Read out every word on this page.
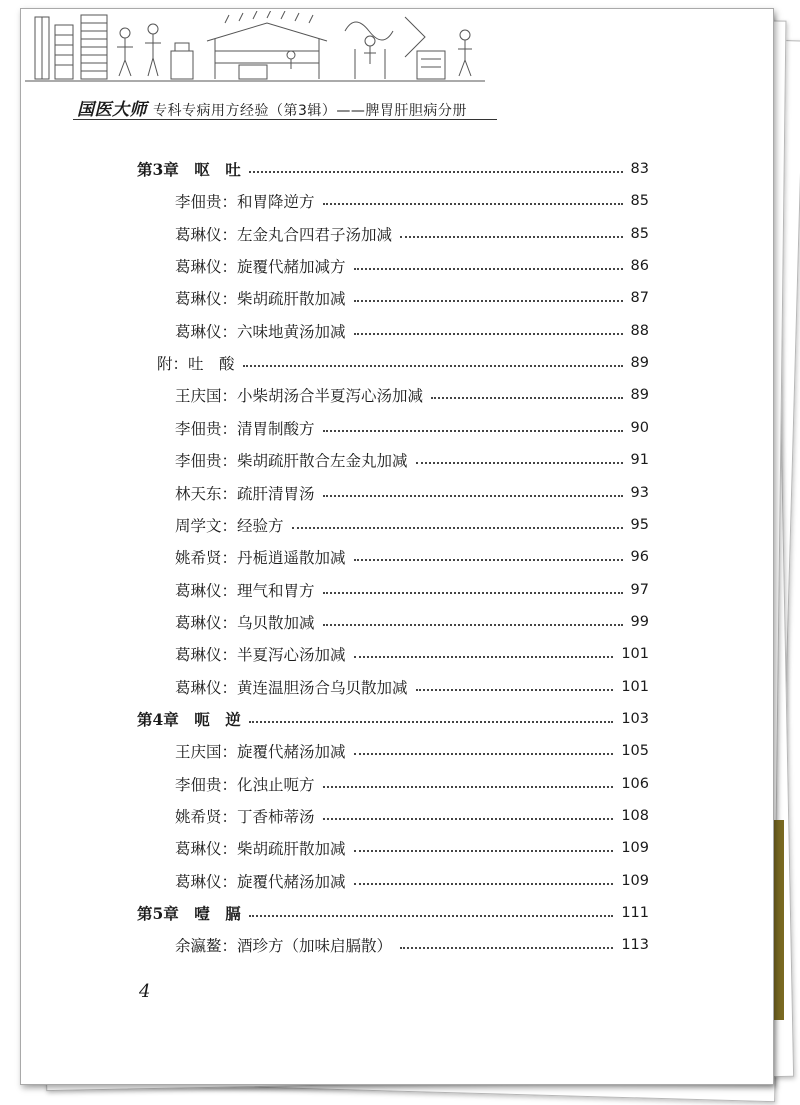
国医大师 专科专病用方经验（第3辑）——脾胃肝胆病分册
第3章　呕　吐	83
李佃贵：和胃降逆方	85
葛琳仪：左金丸合四君子汤加减	85
葛琳仪：旋覆代赭加减方	86
葛琳仪：柴胡疏肝散加减	87
葛琳仪：六味地黄汤加减	88
附：吐　酸	89
王庆国：小柴胡汤合半夏泻心汤加减	89
李佃贵：清胃制酸方	90
李佃贵：柴胡疏肝散合左金丸加减	91
林天东：疏肝清胃汤	93
周学文：经验方	95
姚希贤：丹栀逍遥散加减	96
葛琳仪：理气和胃方	97
葛琳仪：乌贝散加减	99
葛琳仪：半夏泻心汤加减	101
葛琳仪：黄连温胆汤合乌贝散加减	101
第4章　呃　逆	103
王庆国：旋覆代赭汤加减	105
李佃贵：化浊止呃方	106
姚希贤：丁香柿蒂汤	108
葛琳仪：柴胡疏肝散加减	109
葛琳仪：旋覆代赭汤加减	109
第5章　噎　膈	111
余瀛鳌：酒珍方（加味启膈散）	113
4
